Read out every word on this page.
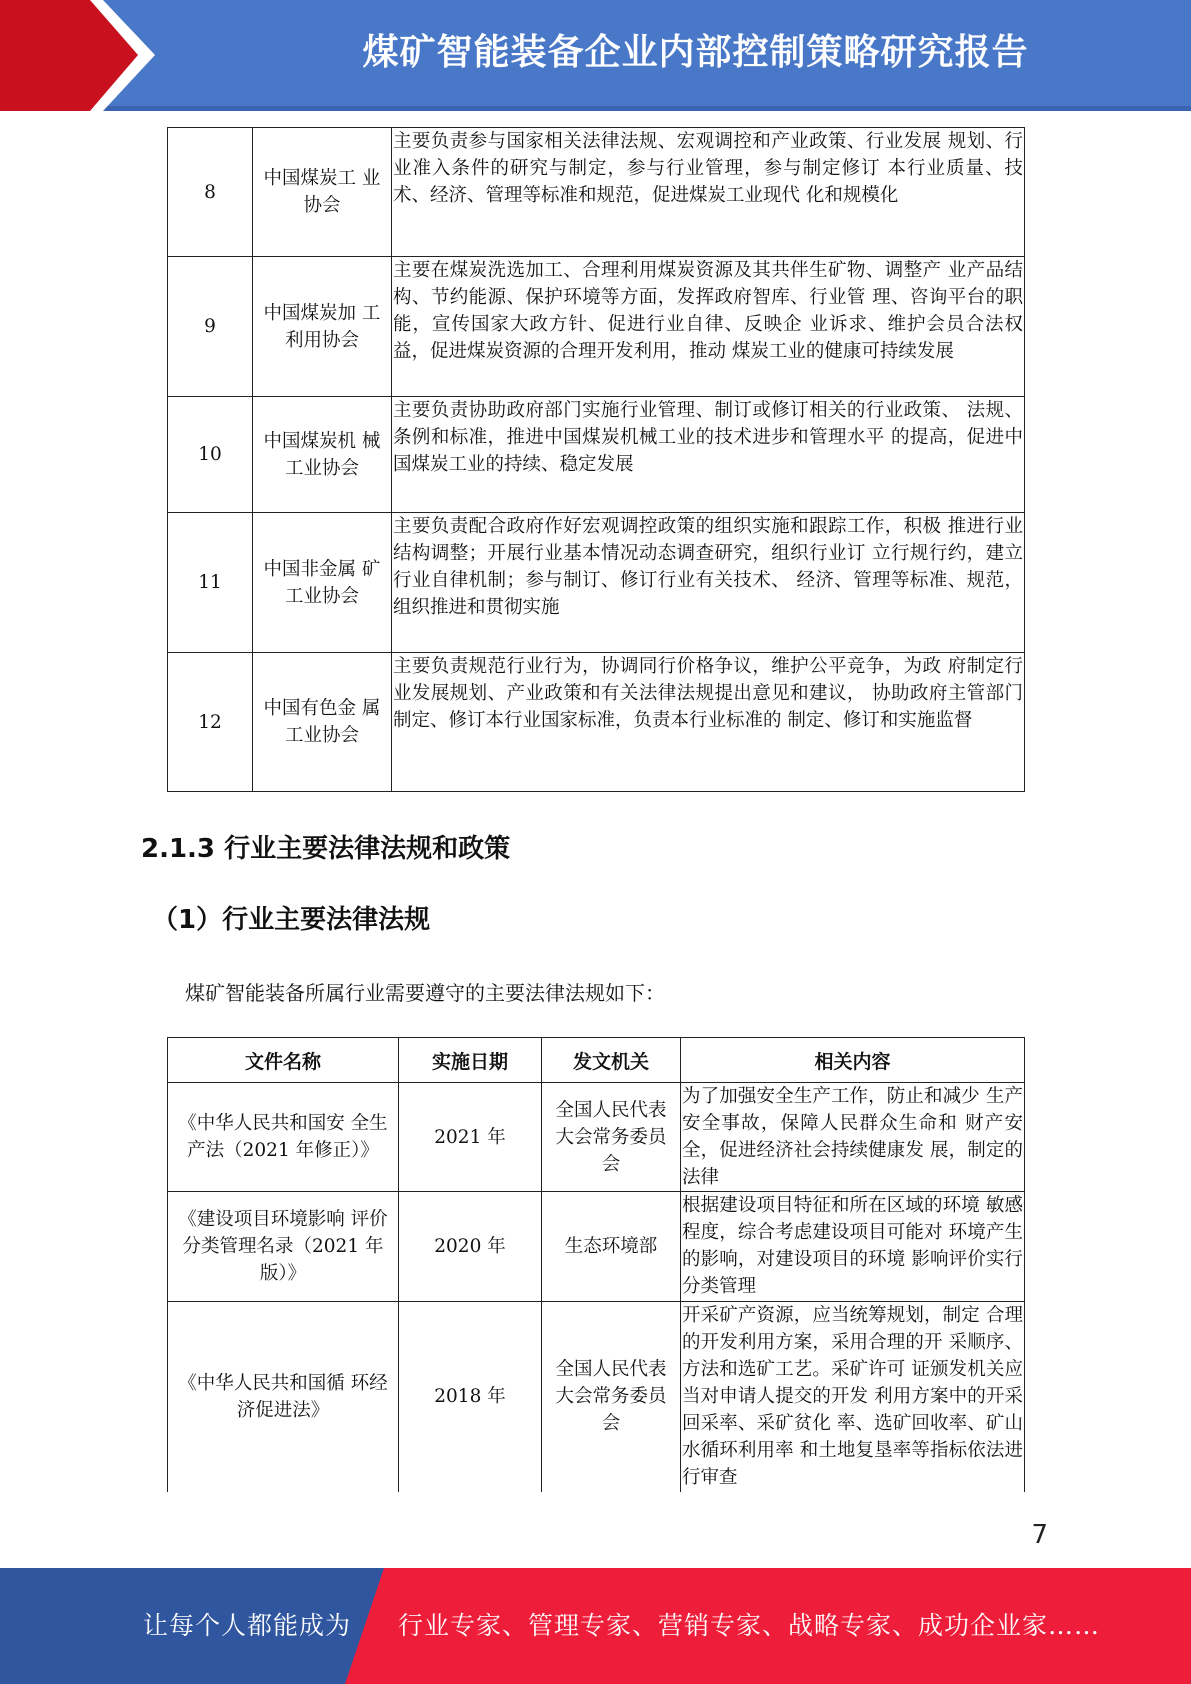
煤矿智能装备企业内部控制策略研究报告
8	中国煤炭工 业协会	主要负责参与国家相关法律法规、宏观调控和产业政策、行业发展 规划、行业准入条件的研究与制定，参与行业管理，参与制定修订 本行业质量、技术、经济、管理等标准和规范，促进煤炭工业现代 化和规模化
9	中国煤炭加 工利用协会	主要在煤炭洗选加工、合理利用煤炭资源及其共伴生矿物、调整产 业产品结构、节约能源、保护环境等方面，发挥政府智库、行业管 理、咨询平台的职能，宣传国家大政方针、促进行业自律、反映企 业诉求、维护会员合法权益，促进煤炭资源的合理开发利用，推动 煤炭工业的健康可持续发展
10	中国煤炭机 械工业协会	主要负责协助政府部门实施行业管理、制订或修订相关的行业政策、 法规、条例和标准，推进中国煤炭机械工业的技术进步和管理水平 的提高，促进中国煤炭工业的持续、稳定发展
11	中国非金属 矿工业协会	主要负责配合政府作好宏观调控政策的组织实施和跟踪工作，积极 推进行业结构调整；开展行业基本情况动态调查研究，组织行业订 立行规行约，建立行业自律机制；参与制订、修订行业有关技术、 经济、管理等标准、规范，组织推进和贯彻实施
12	中国有色金 属工业协会	主要负责规范行业行为，协调同行价格争议，维护公平竞争，为政 府制定行业发展规划、产业政策和有关法律法规提出意见和建议， 协助政府主管部门制定、修订本行业国家标准，负责本行业标准的 制定、修订和实施监督
2.1.3 行业主要法律法规和政策
（1）行业主要法律法规
煤矿智能装备所属行业需要遵守的主要法律法规如下：
文件名称	实施日期	发文机关	相关内容
《中华人民共和国安 全生产法（2021 年修正）》	2021 年	全国人民代表大会常务委员会	为了加强安全生产工作，防止和减少 生产安全事故，保障人民群众生命和 财产安全，促进经济社会持续健康发 展，制定的法律
《建设项目环境影响 评价分类管理名录（2021 年版）》	2020 年	生态环境部	根据建设项目特征和所在区域的环境 敏感程度，综合考虑建设项目可能对 环境产生的影响，对建设项目的环境 影响评价实行分类管理
《中华人民共和国循 环经济促进法》	2018 年	全国人民代表大会常务委员会	开采矿产资源，应当统筹规划，制定 合理的开发利用方案，采用合理的开 采顺序、方法和选矿工艺。采矿许可 证颁发机关应当对申请人提交的开发 利用方案中的开采回采率、采矿贫化 率、选矿回收率、矿山水循环利用率 和土地复垦率等指标依法进行审查
7
让每个人都能成为 行业专家、管理专家、营销专家、战略专家、成功企业家……
